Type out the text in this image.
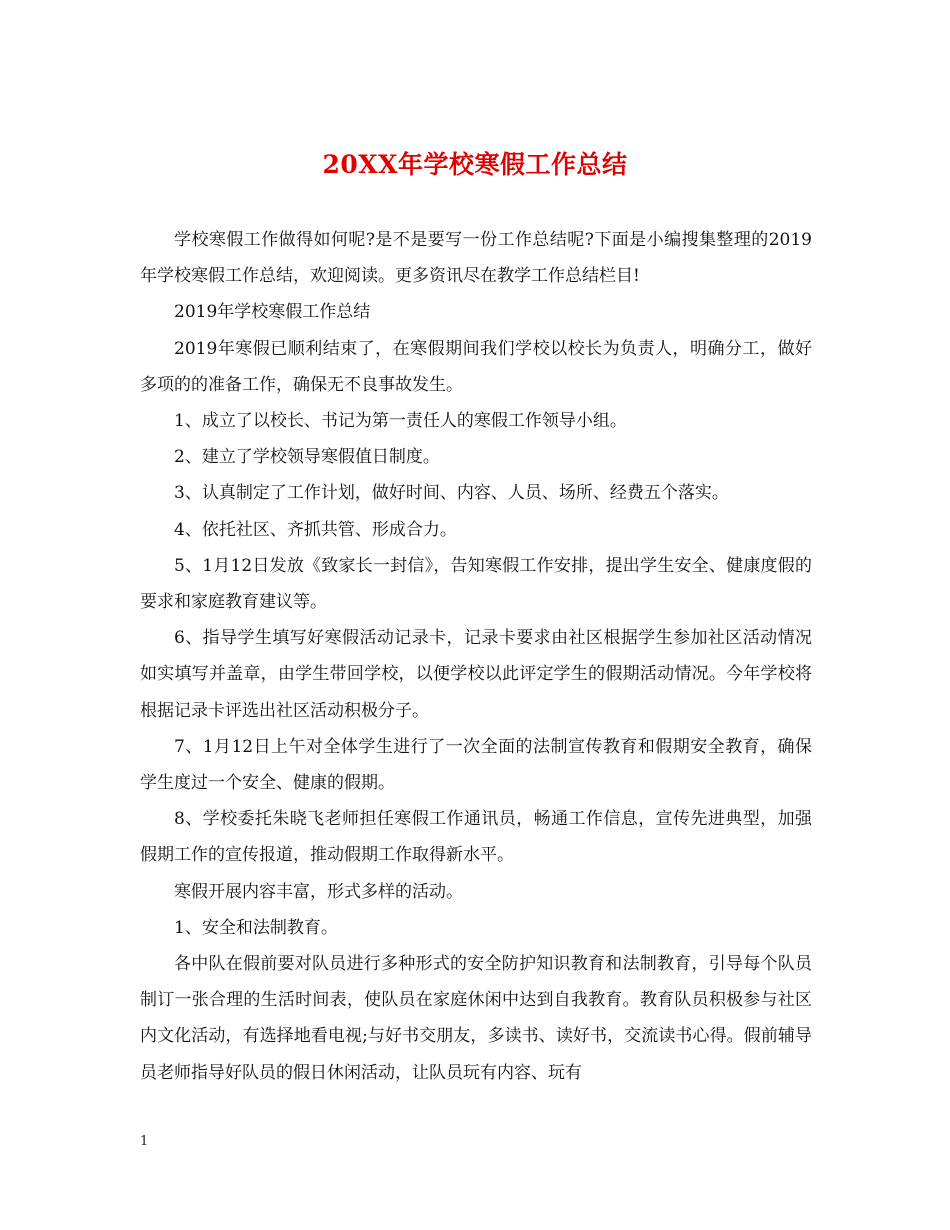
20XX年学校寒假工作总结

学校寒假工作做得如何呢?是不是要写一份工作总结呢?下面是小编搜集整理的2019年学校寒假工作总结，欢迎阅读。更多资讯尽在教学工作总结栏目!

2019年学校寒假工作总结

2019年寒假已顺利结束了，在寒假期间我们学校以校长为负责人，明确分工，做好多项的的准备工作，确保无不良事故发生。

1、成立了以校长、书记为第一责任人的寒假工作领导小组。

2、建立了学校领导寒假值日制度。

3、认真制定了工作计划，做好时间、内容、人员、场所、经费五个落实。

4、依托社区、齐抓共管、形成合力。

5、1月12日发放《致家长一封信》，告知寒假工作安排，提出学生安全、健康度假的要求和家庭教育建议等。

6、指导学生填写好寒假活动记录卡，记录卡要求由社区根据学生参加社区活动情况如实填写并盖章，由学生带回学校，以便学校以此评定学生的假期活动情况。今年学校将根据记录卡评选出社区活动积极分子。

7、1月12日上午对全体学生进行了一次全面的法制宣传教育和假期安全教育，确保学生度过一个安全、健康的假期。

8、学校委托朱晓飞老师担任寒假工作通讯员，畅通工作信息，宣传先进典型，加强假期工作的宣传报道，推动假期工作取得新水平。

寒假开展内容丰富，形式多样的活动。

1、安全和法制教育。

各中队在假前要对队员进行多种形式的安全防护知识教育和法制教育，引导每个队员制订一张合理的生活时间表，使队员在家庭休闲中达到自我教育。教育队员积极参与社区内文化活动，有选择地看电视;与好书交朋友，多读书、读好书，交流读书心得。假前辅导员老师指导好队员的假日休闲活动，让队员玩有内容、玩有

1
